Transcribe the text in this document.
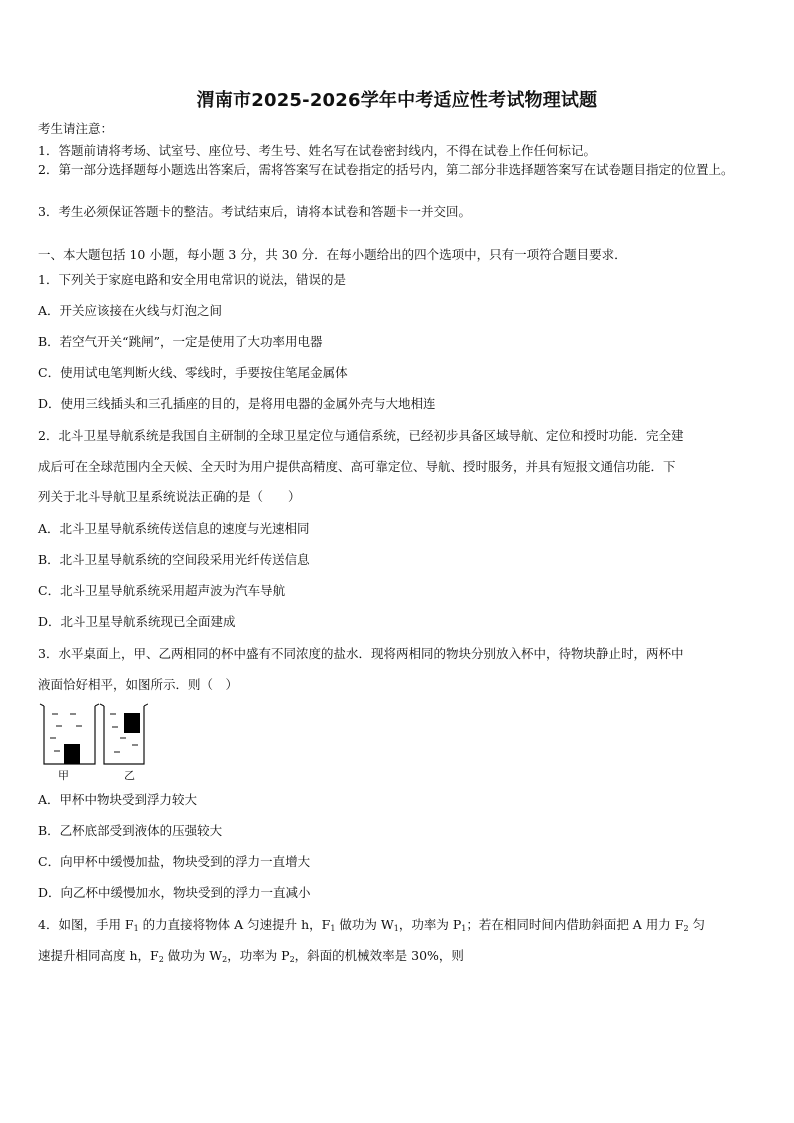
渭南市2025-2026学年中考适应性考试物理试题
考生请注意：
1．答题前请将考场、试室号、座位号、考生号、姓名写在试卷密封线内，不得在试卷上作任何标记。
2．第一部分选择题每小题选出答案后，需将答案写在试卷指定的括号内，第二部分非选择题答案写在试卷题目指定的位置上。
3．考生必须保证答题卡的整洁。考试结束后，请将本试卷和答题卡一并交回。
一、本大题包括 10 小题，每小题 3 分，共 30 分．在每小题给出的四个选项中，只有一项符合题目要求．
1．下列关于家庭电路和安全用电常识的说法，错误的是
A．开关应该接在火线与灯泡之间
B．若空气开关“跳闸”，一定是使用了大功率用电器
C．使用试电笔判断火线、零线时，手要按住笔尾金属体
D．使用三线插头和三孔插座的目的，是将用电器的金属外壳与大地相连
2．北斗卫星导航系统是我国自主研制的全球卫星定位与通信系统，已经初步具备区域导航、定位和授时功能．完全建
成后可在全球范围内全天候、全天时为用户提供高精度、高可靠定位、导航、授时服务，并具有短报文通信功能．下
列关于北斗导航卫星系统说法正确的是（　　）
A．北斗卫星导航系统传送信息的速度与光速相同
B．北斗卫星导航系统的空间段采用光纤传送信息
C．北斗卫星导航系统采用超声波为汽车导航
D．北斗卫星导航系统现已全面建成
3．水平桌面上，甲、乙两相同的杯中盛有不同浓度的盐水．现将两相同的物块分别放入杯中，待物块静止时，两杯中
液面恰好相平，如图所示．则（　）
甲	乙
A．甲杯中物块受到浮力较大
B．乙杯底部受到液体的压强较大
C．向甲杯中缓慢加盐，物块受到的浮力一直增大
D．向乙杯中缓慢加水，物块受到的浮力一直减小
4．如图，手用 $F_1$ 的力直接将物体 A 匀速提升 h，$F_1$ 做功为 $W_1$，功率为 $P_1$；若在相同时间内借助斜面把 A 用力 $F_2$ 匀
速提升相同高度 h，$F_2$ 做功为 $W_2$，功率为 $P_2$，斜面的机械效率是 30%，则
